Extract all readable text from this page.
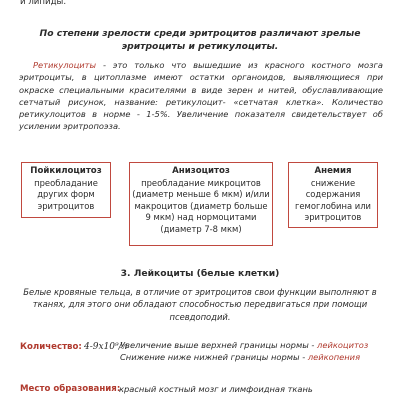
и липиды.
По степени зрелости среди эритроцитов различают зрелые эритроциты и ретикулоциты.
Ретикулоциты - это только что вышедшие из красного костного мозга эритроциты, в цитоплазме имеют остатки органоидов, выявляющиеся при окраске специальными красителями в виде зерен и нитей, обуславливающие сетчатый рисунок, название: ретикулоцит- «сетчатая клетка». Количество ретикулоцитов в норме - 1-5%. Увеличение показателя свидетельствует об усилении эритропоэза.
Пойкилоцитоз
преобладание других форм эритроцитов
Анизоцитоз
преобладание микроцитов (диаметр меньше 6 мкм) и/или макроцитов (диаметр больше 9 мкм) над нормоцитами (диаметр 7-8 мкм)
Анемия
снижение содержания гемоглобина или эритроцитов
3. Лейкоциты (белые клетки)
Белые кровяные тельца, в отличие от эритроцитов свои функции выполняют в тканях, для этого они обладают способностью передвигаться при помощи псевдоподий.
Количество: 4-9x10⁹/л
Увеличение выше верхней границы нормы - лейкоцитоз
Снижение ниже нижней границы нормы - лейкопения
Место образования:
красный костный мозг и лимфоидная ткань
